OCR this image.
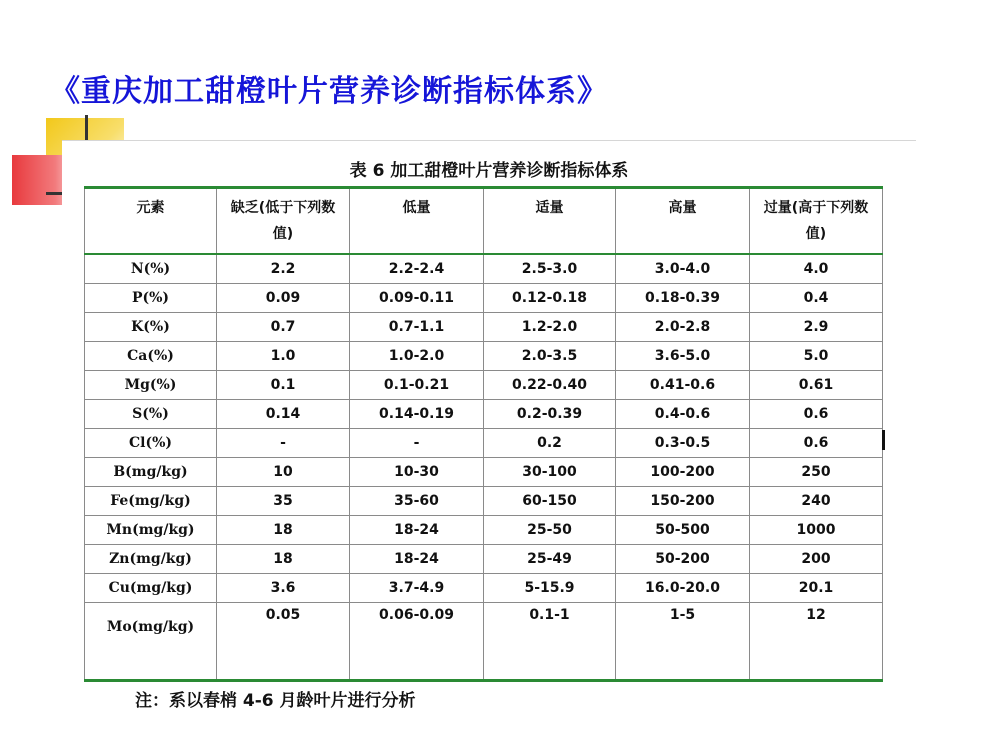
《重庆加工甜橙叶片营养诊断指标体系》
表 6 加工甜橙叶片营养诊断指标体系
元素	缺乏(低于下列数值)	低量	适量	高量	过量(高于下列数值)
N(%)	2.2	2.2-2.4	2.5-3.0	3.0-4.0	4.0
P(%)	0.09	0.09-0.11	0.12-0.18	0.18-0.39	0.4
K(%)	0.7	0.7-1.1	1.2-2.0	2.0-2.8	2.9
Ca(%)	1.0	1.0-2.0	2.0-3.5	3.6-5.0	5.0
Mg(%)	0.1	0.1-0.21	0.22-0.40	0.41-0.6	0.61
S(%)	0.14	0.14-0.19	0.2-0.39	0.4-0.6	0.6
Cl(%)	-	-	0.2	0.3-0.5	0.6
B(mg/kg)	10	10-30	30-100	100-200	250
Fe(mg/kg)	35	35-60	60-150	150-200	240
Mn(mg/kg)	18	18-24	25-50	50-500	1000
Zn(mg/kg)	18	18-24	25-49	50-200	200
Cu(mg/kg)	3.6	3.7-4.9	5-15.9	16.0-20.0	20.1
Mo(mg/kg)	0.05	0.06-0.09	0.1-1	1-5	12
注：系以春梢 4-6 月龄叶片进行分析
